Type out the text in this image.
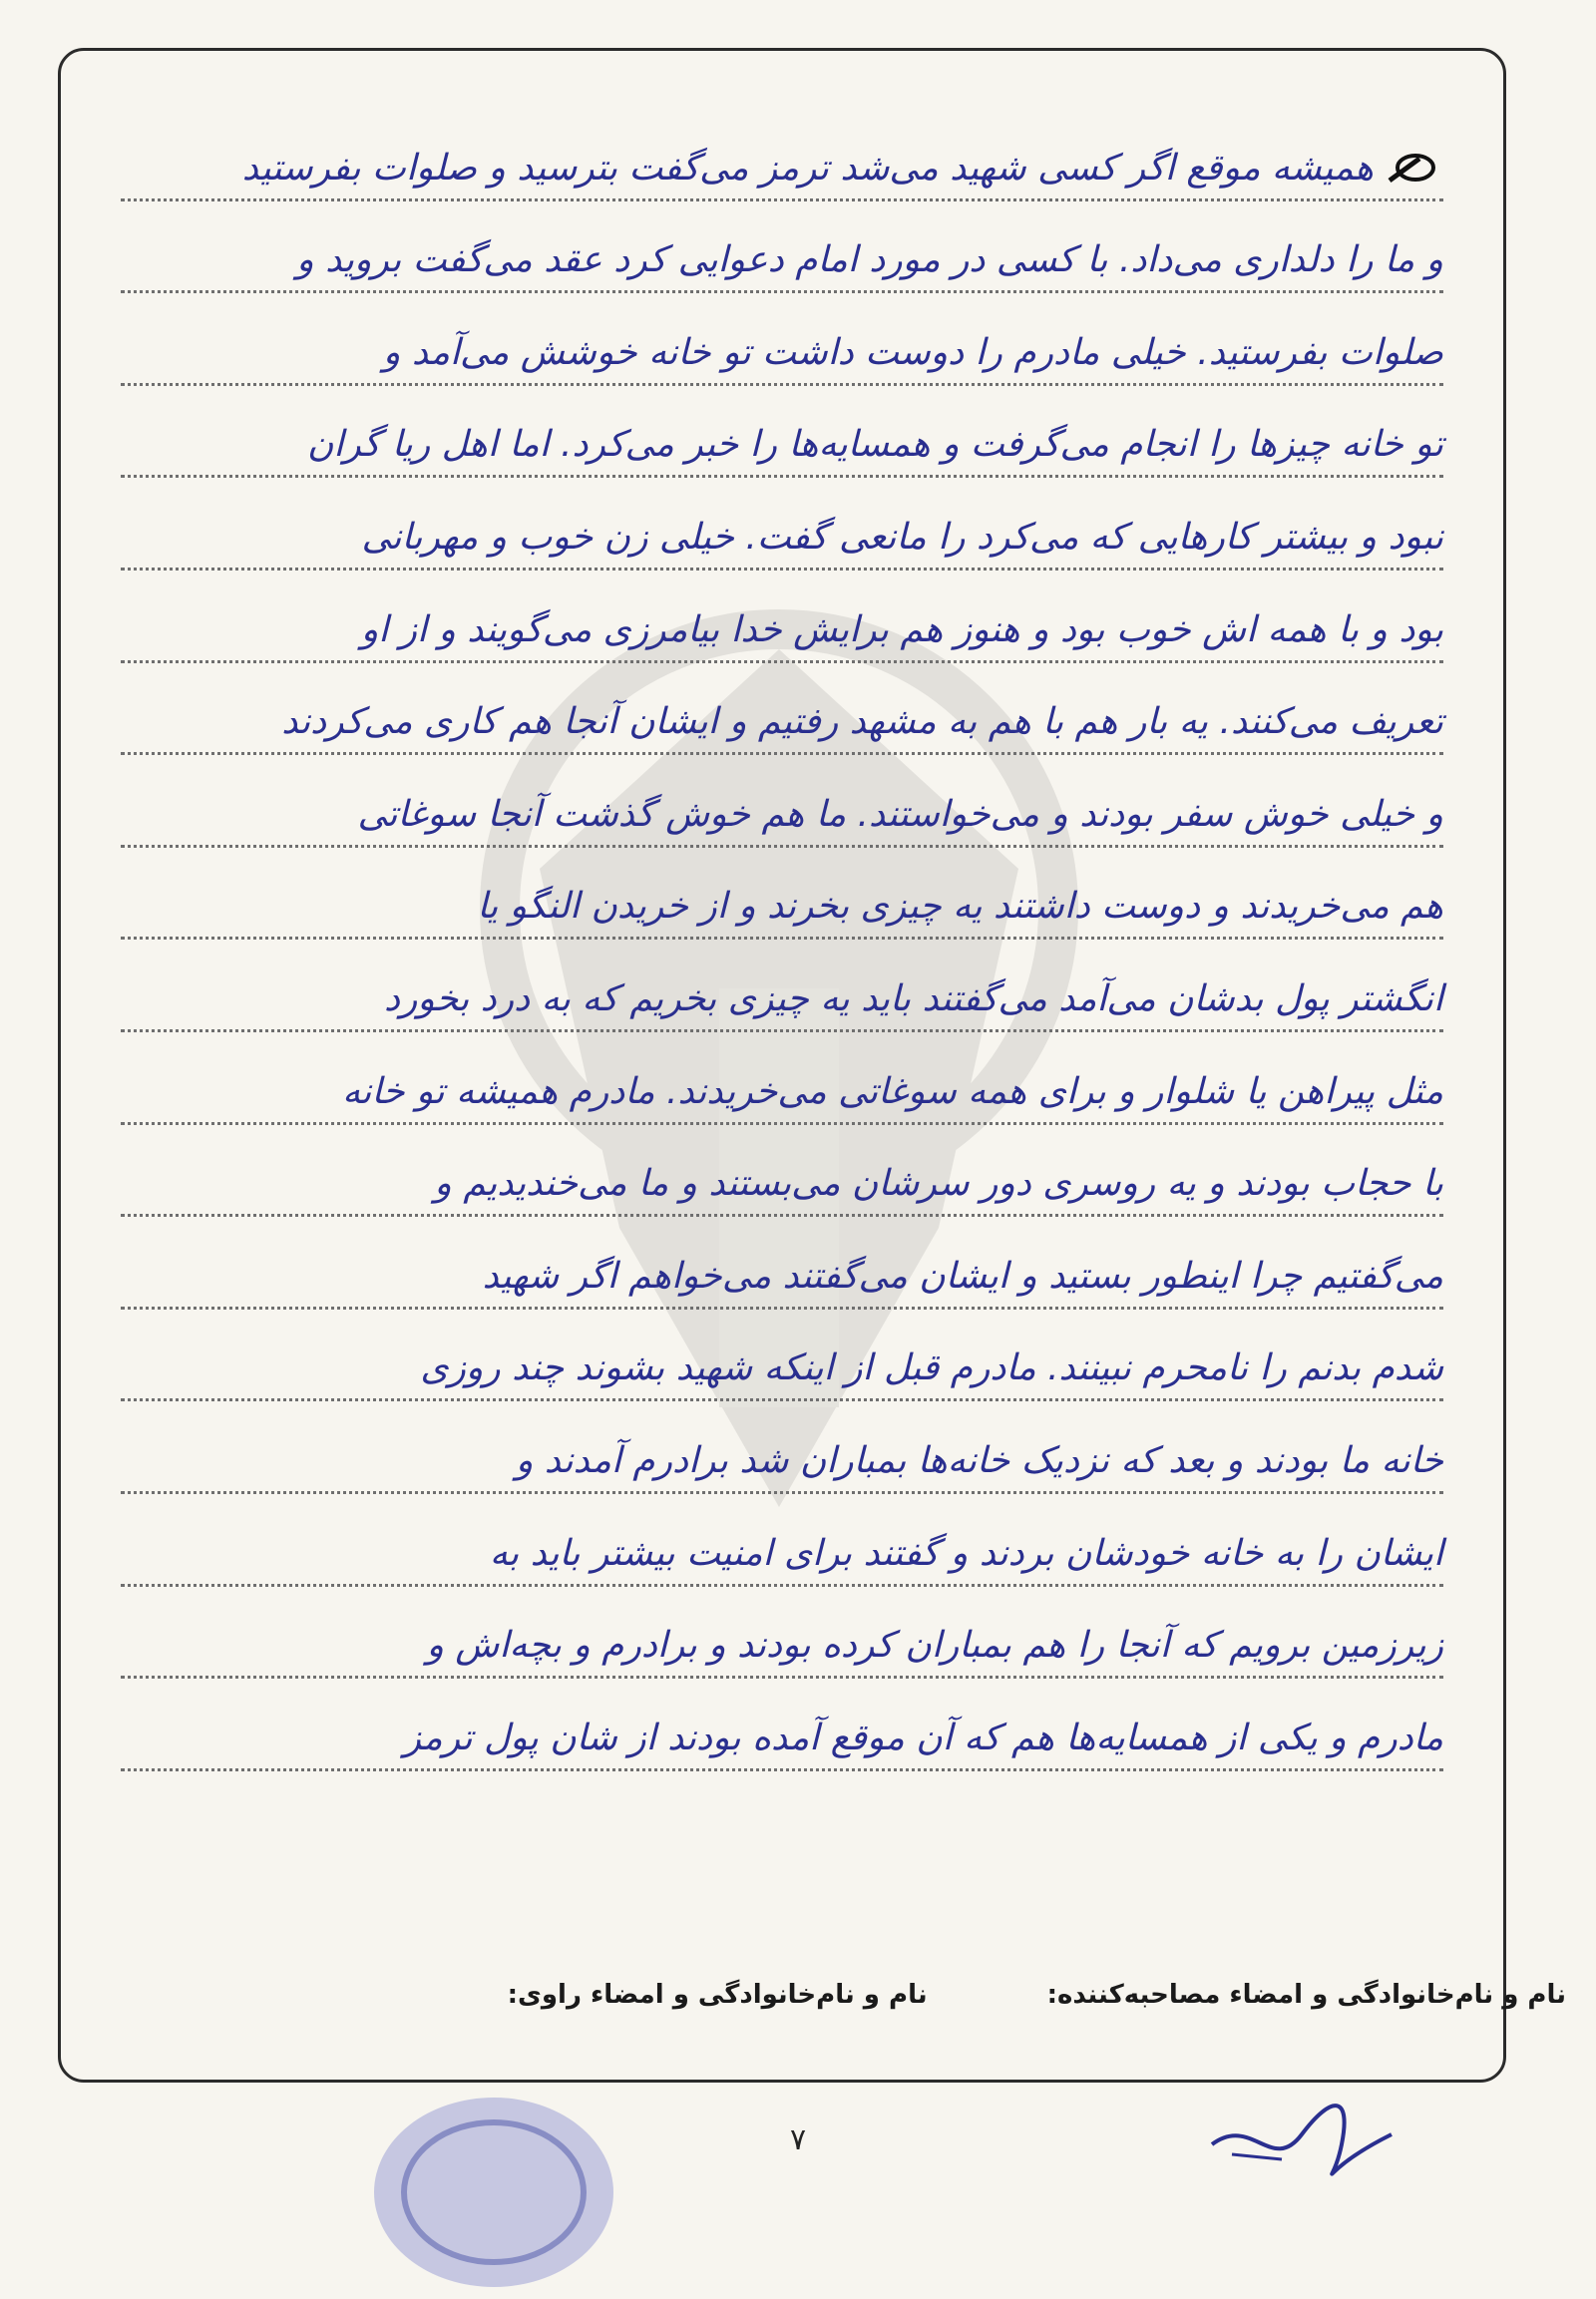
همیشه موقع اگر کسی شهید می‌شد ترمز می‌گفت بترسید و صلوات بفرستید
و ما را دلداری می‌داد. با کسی در مورد امام دعوایی کرد عقد می‌گفت بروید و
صلوات بفرستید. خیلی مادرم را دوست داشت تو خانه خوشش می‌آمد و
تو خانه چیزها را انجام می‌گرفت و همسایه‌ها را خبر می‌کرد. اما اهل ریا گران
نبود و بیشتر کارهایی که می‌کرد را مانعی گفت. خیلی زن خوب و مهربانی
بود و با همه اش خوب بود و هنوز هم برایش خدا بیامرزی می‌گویند و از او
تعریف می‌کنند. یه بار هم با هم به مشهد رفتیم و ایشان آنجا هم کاری می‌کردند
و خیلی خوش سفر بودند و می‌خواستند. ما هم خوش گذشت آنجا سوغاتی
هم می‌خریدند و دوست داشتند یه چیزی بخرند و از خریدن النگو یا
انگشتر پول بدشان می‌آمد می‌گفتند باید یه چیزی بخریم که به درد بخورد
مثل پیراهن یا شلوار و برای همه سوغاتی می‌خریدند. مادرم همیشه تو خانه
با حجاب بودند و یه روسری دور سرشان می‌بستند و ما می‌خندیدیم و
می‌گفتیم چرا اینطور بستید و ایشان می‌گفتند می‌خواهم اگر شهید
شدم بدنم را نامحرم نبینند. مادرم قبل از اینکه شهید بشوند چند روزی
خانه ما بودند و بعد که نزدیک خانه‌ها بمباران شد برادرم آمدند و
ایشان را به خانه خودشان بردند و گفتند برای امنیت بیشتر باید به
زیرزمین برویم که آنجا را هم بمباران کرده بودند و برادرم و بچه‌اش و
مادرم و یکی از همسایه‌ها هم که آن موقع آمده بودند از شان پول ترمز
نام و نام‌خانوادگی و امضاء مصاحبه‌کننده:
نام و نام‌خانوادگی و امضاء راوی:
۷
